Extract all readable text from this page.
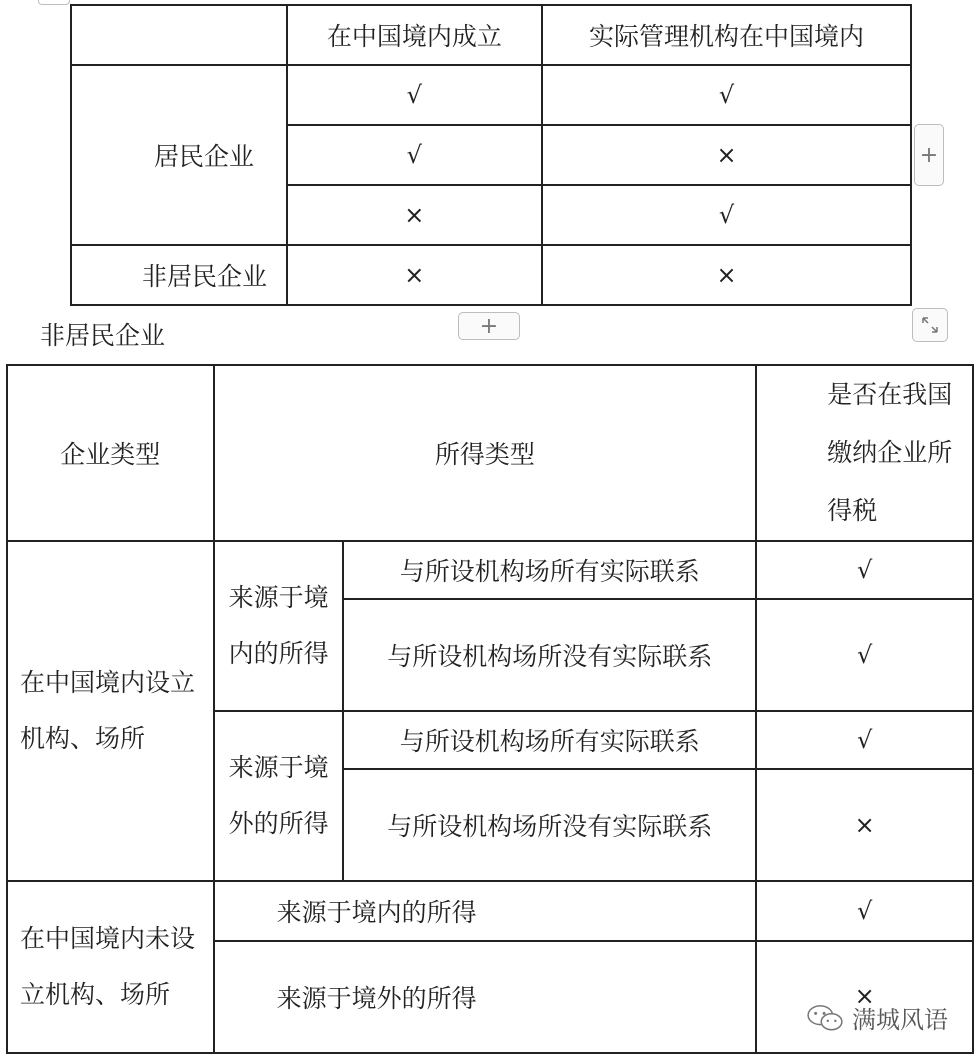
	在中国境内成立	实际管理机构在中国境内
居民企业	√	√
	√	×
	×	√
非居民企业	×	×
+
+
非居民企业
企业类型	所得类型		是否在我国缴纳企业所得税
在中国境内设立机构、场所	来源于境内的所得	与所设机构场所有实际联系	√
		与所设机构场所没有实际联系	√
	来源于境外的所得	与所设机构场所有实际联系	√
		与所设机构场所没有实际联系	×
在中国境内未设立机构、场所	来源于境内的所得		√
	来源于境外的所得		×
满城风语
